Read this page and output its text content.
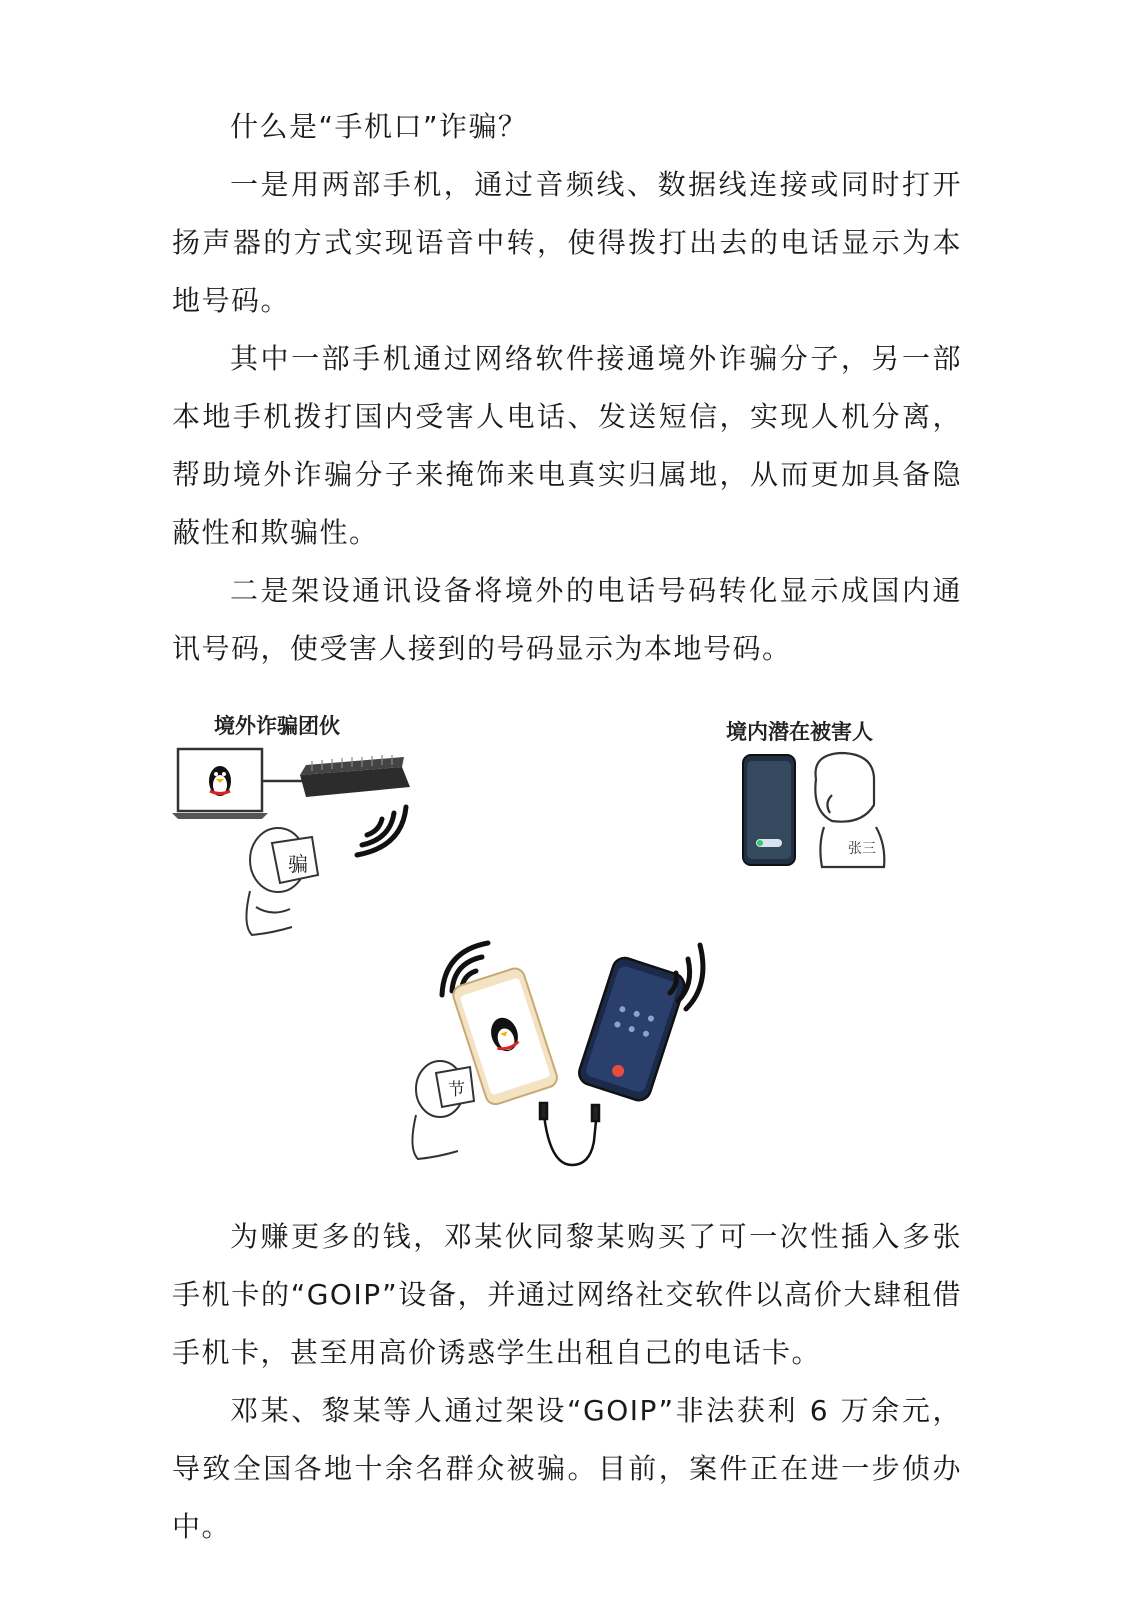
什么是“手机口”诈骗？

一是用两部手机，通过音频线、数据线连接或同时打开扬声器的方式实现语音中转，使得拨打出去的电话显示为本地号码。

其中一部手机通过网络软件接通境外诈骗分子，另一部本地手机拨打国内受害人电话、发送短信，实现人机分离，帮助境外诈骗分子来掩饰来电真实归属地，从而更加具备隐蔽性和欺骗性。

二是架设通讯设备将境外的电话号码转化显示成国内通讯号码，使受害人接到的号码显示为本地号码。

境外诈骗团伙
骗
境内潜在被害人
张三
节

为赚更多的钱，邓某伙同黎某购买了可一次性插入多张手机卡的“GOIP”设备，并通过网络社交软件以高价大肆租借手机卡，甚至用高价诱惑学生出租自己的电话卡。

邓某、黎某等人通过架设“GOIP”非法获利 6 万余元，导致全国各地十余名群众被骗。目前，案件正在进一步侦办中。
